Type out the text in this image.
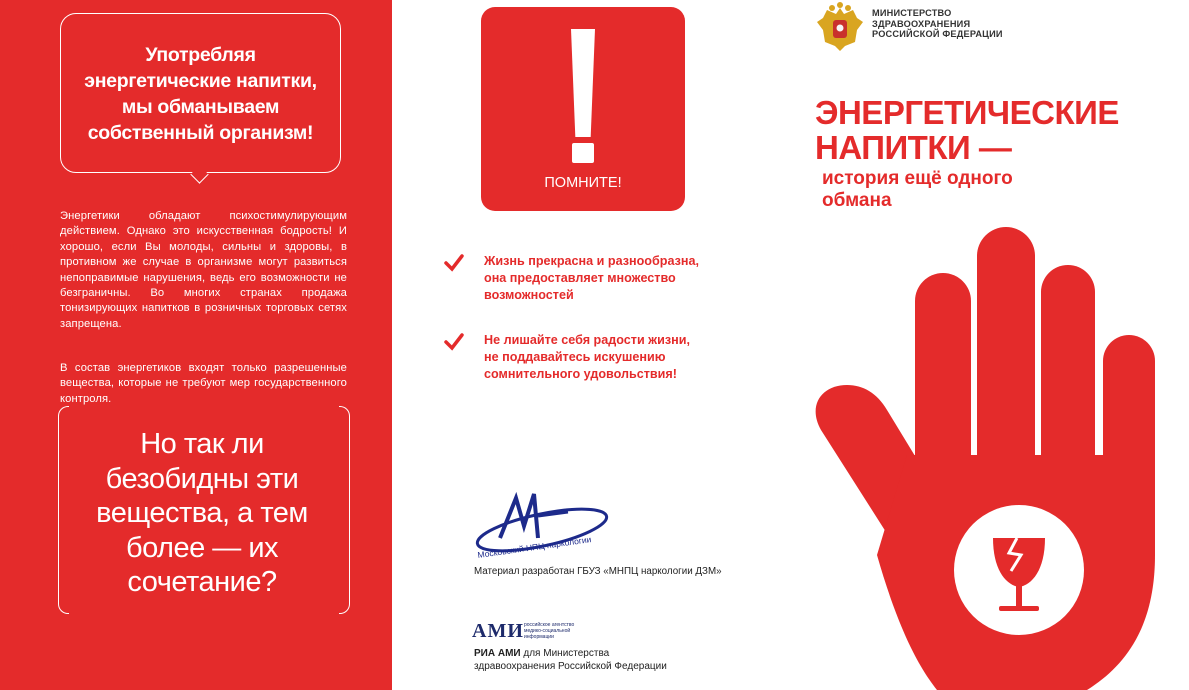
Употребляя
энергетические напитки,
мы обманываем
собственный организм!
Энергетики обладают психостимулирующим действием. Однако это искусственная бодрость! И хорошо, если Вы молоды, сильны и здоровы, в противном же случае в организме могут развиться непоправимые нарушения, ведь его возможности не безграничны. Во многих странах продажа тонизирующих напитков в розничных торговых сетях запрещена.
В состав энергетиков входят только разрешенные вещества, которые не требуют мер государственного контроля.
Но так ли
безобидны эти
вещества, а тем
более — их
сочетание?
ПОМНИТЕ!
Жизнь прекрасна и разнообразна,
она предоставляет множество
возможностей
Не лишайте себя радости жизни,
не поддавайтесь искушению
сомнительного удовольствия!
Московский НПЦ наркологии
Материал разработан ГБУЗ «МНПЦ наркологии ДЗМ»
АМИ российское агентство
медико-социальной
информации
РИА АМИ для Министерства
здравоохранения Российской Федерации
МИНИСТЕРСТВО
ЗДРАВООХРАНЕНИЯ
РОССИЙСКОЙ ФЕДЕРАЦИИ
ЭНЕРГЕТИЧЕСКИЕ
НАПИТКИ —
история ещё одного
обмана
